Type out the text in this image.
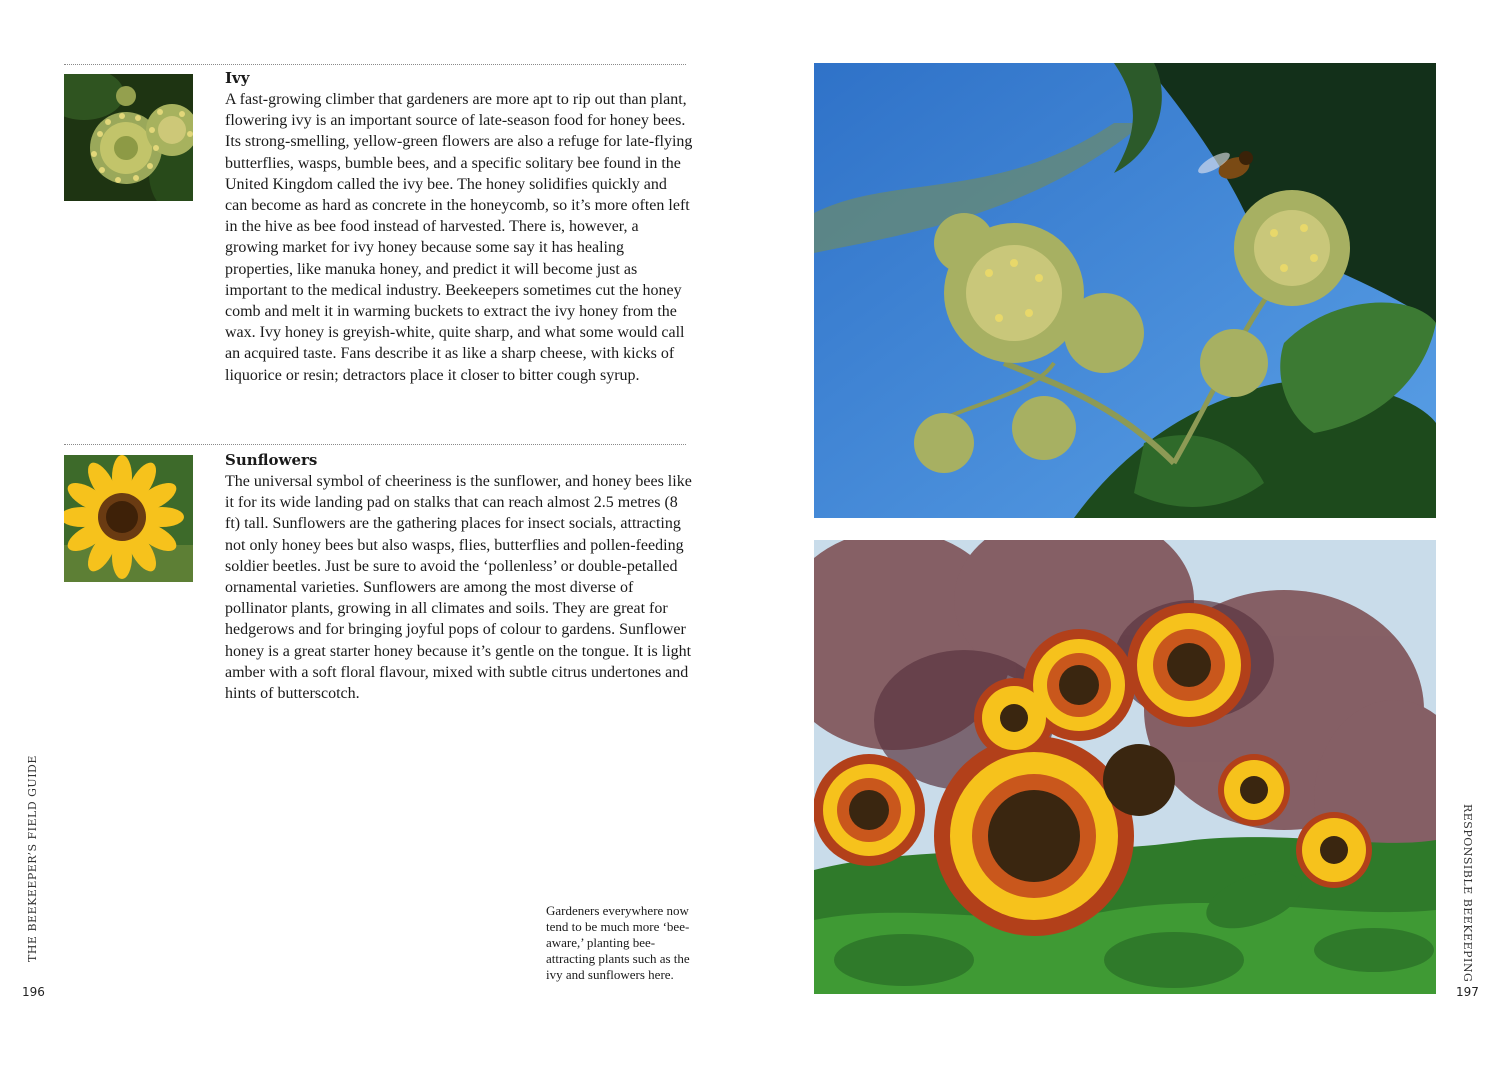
Ivy

A fast-growing climber that gardeners are more apt to rip out than plant, flowering ivy is an important source of late-season food for honey bees. Its strong-smelling, yellow-green flowers are also a refuge for late-flying butterflies, wasps, bumble bees, and a specific solitary bee found in the United Kingdom called the ivy bee. The honey solidifies quickly and can become as hard as concrete in the honeycomb, so it’s more often left in the hive as bee food instead of harvested. There is, however, a growing market for ivy honey because some say it has healing properties, like manuka honey, and predict it will become just as important to the medical industry. Beekeepers sometimes cut the honey comb and melt it in warming buckets to extract the ivy honey from the wax. Ivy honey is greyish-white, quite sharp, and what some would call an acquired taste. Fans describe it as like a sharp cheese, with kicks of liquorice or resin; detractors place it closer to bitter cough syrup.

Sunflowers

The universal symbol of cheeriness is the sunflower, and honey bees like it for its wide landing pad on stalks that can reach almost 2.5 metres (8 ft) tall. Sunflowers are the gathering places for insect socials, attracting not only honey bees but also wasps, flies, butterflies and pollen-feeding soldier beetles. Just be sure to avoid the ‘pollenless’ or double-petalled ornamental varieties. Sunflowers are among the most diverse of pollinator plants, growing in all climates and soils. They are great for hedgerows and for bringing joyful pops of colour to gardens. Sunflower honey is a great starter honey because it’s gentle on the tongue. It is light amber with a soft floral flavour, mixed with subtle citrus undertones and hints of butterscotch.

Gardeners everywhere now tend to be much more ‘bee-aware,’ planting bee-attracting plants such as the ivy and sunflowers here.

THE BEEKEEPER’S FIELD GUIDE
196
RESPONSIBLE BEEKEEPING
197
